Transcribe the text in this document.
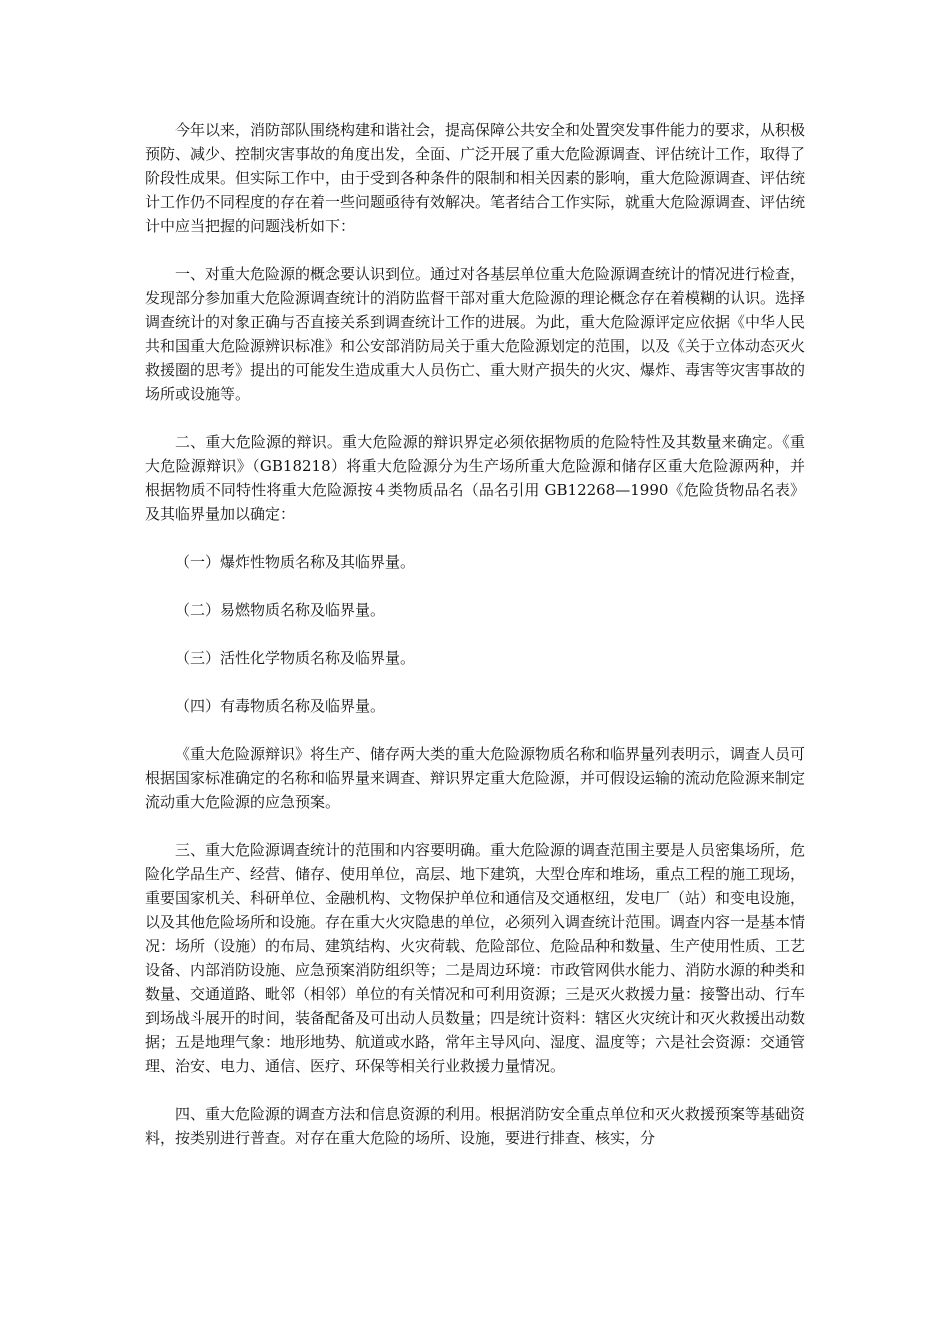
今年以来，消防部队围绕构建和谐社会，提高保障公共安全和处置突发事件能力的要求，从积极预防、减少、控制灾害事故的角度出发，全面、广泛开展了重大危险源调查、评估统计工作，取得了阶段性成果。但实际工作中，由于受到各种条件的限制和相关因素的影响，重大危险源调查、评估统计工作仍不同程度的存在着一些问题亟待有效解决。笔者结合工作实际，就重大危险源调查、评估统计中应当把握的问题浅析如下：

一、对重大危险源的概念要认识到位。通过对各基层单位重大危险源调查统计的情况进行检查，发现部分参加重大危险源调查统计的消防监督干部对重大危险源的理论概念存在着模糊的认识。选择调查统计的对象正确与否直接关系到调查统计工作的进展。为此，重大危险源评定应依据《中华人民共和国重大危险源辨识标准》和公安部消防局关于重大危险源划定的范围，以及《关于立体动态灭火救援圈的思考》提出的可能发生造成重大人员伤亡、重大财产损失的火灾、爆炸、毒害等灾害事故的场所或设施等。

二、重大危险源的辩识。重大危险源的辩识界定必须依据物质的危险特性及其数量来确定。《重大危险源辩识》（GB18218）将重大危险源分为生产场所重大危险源和储存区重大危险源两种，并根据物质不同特性将重大危险源按４类物质品名（品名引用 GB12268—1990《危险货物品名表》及其临界量加以确定：

（一）爆炸性物质名称及其临界量。

（二）易燃物质名称及临界量。

（三）活性化学物质名称及临界量。

（四）有毒物质名称及临界量。

《重大危险源辩识》将生产、储存两大类的重大危险源物质名称和临界量列表明示，调查人员可根据国家标准确定的名称和临界量来调查、辩识界定重大危险源，并可假设运输的流动危险源来制定流动重大危险源的应急预案。

三、重大危险源调查统计的范围和内容要明确。重大危险源的调查范围主要是人员密集场所，危险化学品生产、经营、储存、使用单位，高层、地下建筑，大型仓库和堆场，重点工程的施工现场，重要国家机关、科研单位、金融机构、文物保护单位和通信及交通枢纽，发电厂（站）和变电设施，以及其他危险场所和设施。存在重大火灾隐患的单位，必须列入调查统计范围。调查内容一是基本情况：场所（设施）的布局、建筑结构、火灾荷载、危险部位、危险品种和数量、生产使用性质、工艺设备、内部消防设施、应急预案消防组织等；二是周边环境：市政管网供水能力、消防水源的种类和数量、交通道路、毗邻（相邻）单位的有关情况和可利用资源；三是灭火救援力量：接警出动、行车到场战斗展开的时间，装备配备及可出动人员数量；四是统计资料：辖区火灾统计和灭火救援出动数据；五是地理气象：地形地势、航道或水路，常年主导风向、湿度、温度等；六是社会资源：交通管理、治安、电力、通信、医疗、环保等相关行业救援力量情况。

四、重大危险源的调查方法和信息资源的利用。根据消防安全重点单位和灭火救援预案等基础资料，按类别进行普查。对存在重大危险的场所、设施，要进行排查、核实，分
